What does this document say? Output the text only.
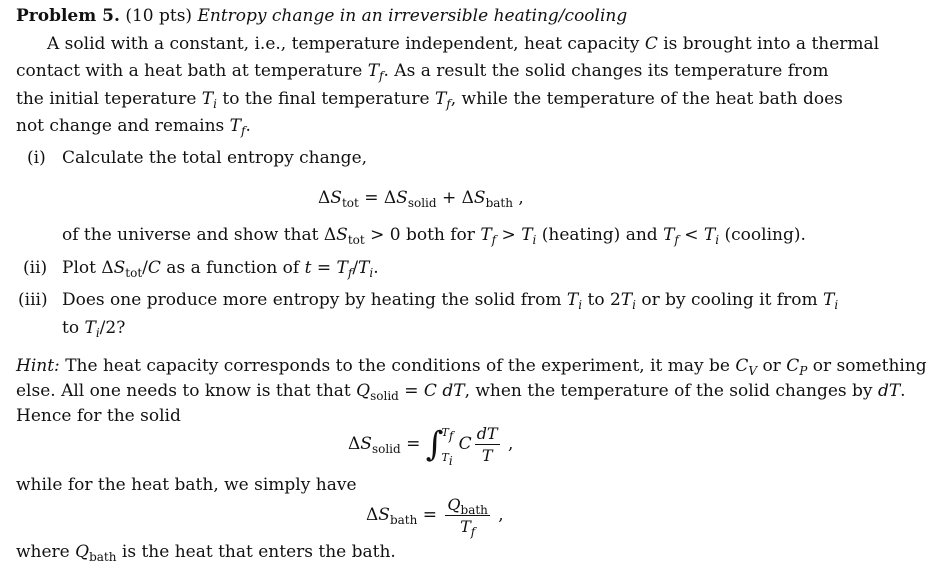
Problem 5. (10 pts) Entropy change in an irreversible heating/cooling
A solid with a constant, i.e., temperature independent, heat capacity C is brought into a thermal
contact with a heat bath at temperature $T_f$. As a result the solid changes its temperature from
the initial teperature $T_i$ to the final temperature $T_f$, while the temperature of the heat bath does
not change and remains $T_f$.
(i) Calculate the total entropy change,
$\Delta S_{tot} = \Delta S_{solid} + \Delta S_{bath}$ ,
of the universe and show that $\Delta S_{tot} > 0$ both for $T_f > T_i$ (heating) and $T_f < T_i$ (cooling).
(ii) Plot $\Delta S_{tot}/C$ as a function of $t = T_f/T_i$.
(iii) Does one produce more entropy by heating the solid from $T_i$ to $2T_i$ or by cooling it from $T_i$
to $T_i/2$?
Hint: The heat capacity corresponds to the conditions of the experiment, it may be $C_V$ or $C_P$ or something
else. All one needs to know is that that $Q_{solid} = C$ dT, when the temperature of the solid changes by dT.
Hence for the solid
$\Delta S_{solid}$ = ∫
$T_f$
$T_i$
C $\frac{dT}{T}$ ,
while for the heat bath, we simply have
$\Delta S_{bath} = \frac{Q_{bath}}{T_f}$ ,
where $Q_{bath}$ is the heat that enters the bath.
